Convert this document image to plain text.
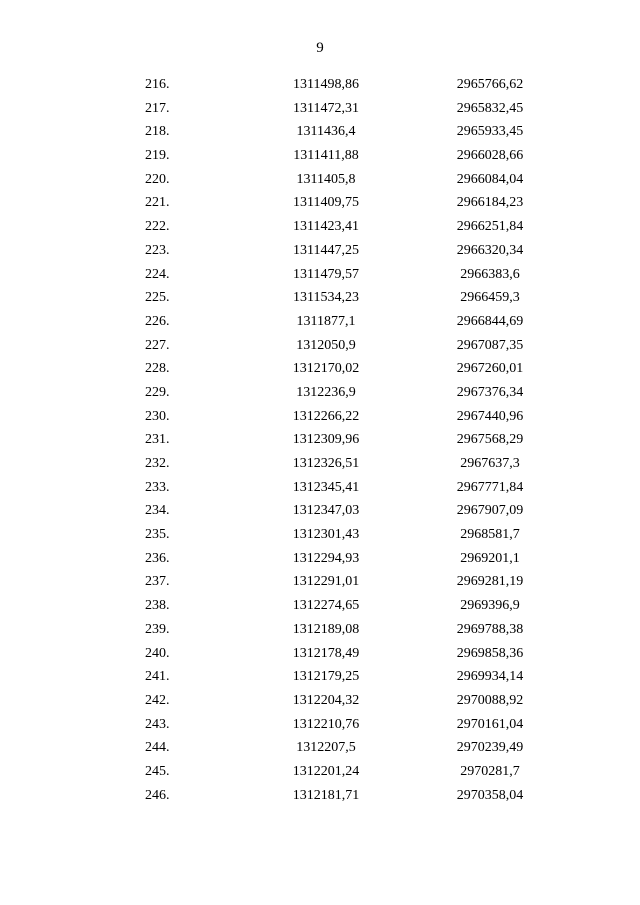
9
216.	1311498,86	2965766,62
217.	1311472,31	2965832,45
218.	1311436,4	2965933,45
219.	1311411,88	2966028,66
220.	1311405,8	2966084,04
221.	1311409,75	2966184,23
222.	1311423,41	2966251,84
223.	1311447,25	2966320,34
224.	1311479,57	2966383,6
225.	1311534,23	2966459,3
226.	1311877,1	2966844,69
227.	1312050,9	2967087,35
228.	1312170,02	2967260,01
229.	1312236,9	2967376,34
230.	1312266,22	2967440,96
231.	1312309,96	2967568,29
232.	1312326,51	2967637,3
233.	1312345,41	2967771,84
234.	1312347,03	2967907,09
235.	1312301,43	2968581,7
236.	1312294,93	2969201,1
237.	1312291,01	2969281,19
238.	1312274,65	2969396,9
239.	1312189,08	2969788,38
240.	1312178,49	2969858,36
241.	1312179,25	2969934,14
242.	1312204,32	2970088,92
243.	1312210,76	2970161,04
244.	1312207,5	2970239,49
245.	1312201,24	2970281,7
246.	1312181,71	2970358,04
